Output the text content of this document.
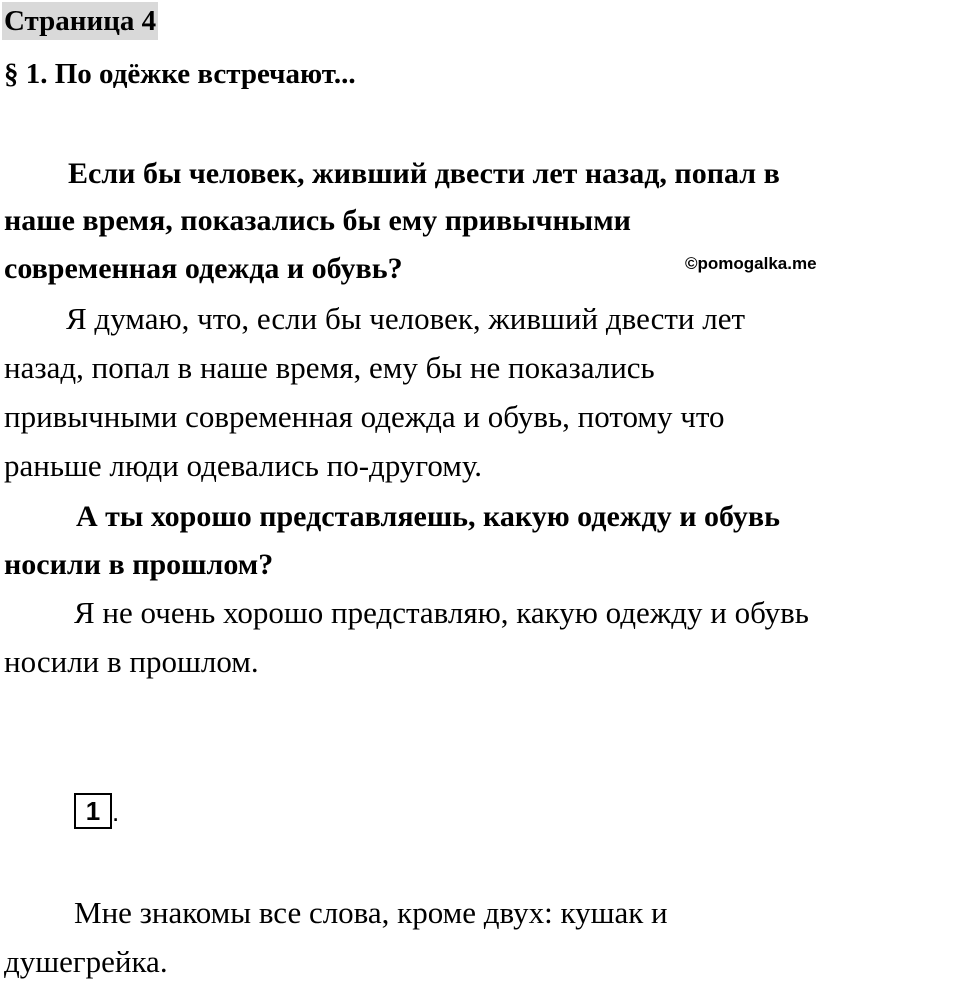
Страница 4
§ 1. По одёжке встречают...
Если бы человек, живший двести лет назад, попал в
наше время, показались бы ему привычными
современная одежда и обувь?	©pomogalka.me
Я думаю, что, если бы человек, живший двести лет
назад, попал в наше время, ему бы не показались
привычными современная одежда и обувь, потому что
раньше люди одевались по-другому.
А ты хорошо представляешь, какую одежду и обувь
носили в прошлом?
Я не очень хорошо представляю, какую одежду и обувь
носили в прошлом.
1 .
Мне знакомы все слова, кроме двух: кушак и
душегрейка.
